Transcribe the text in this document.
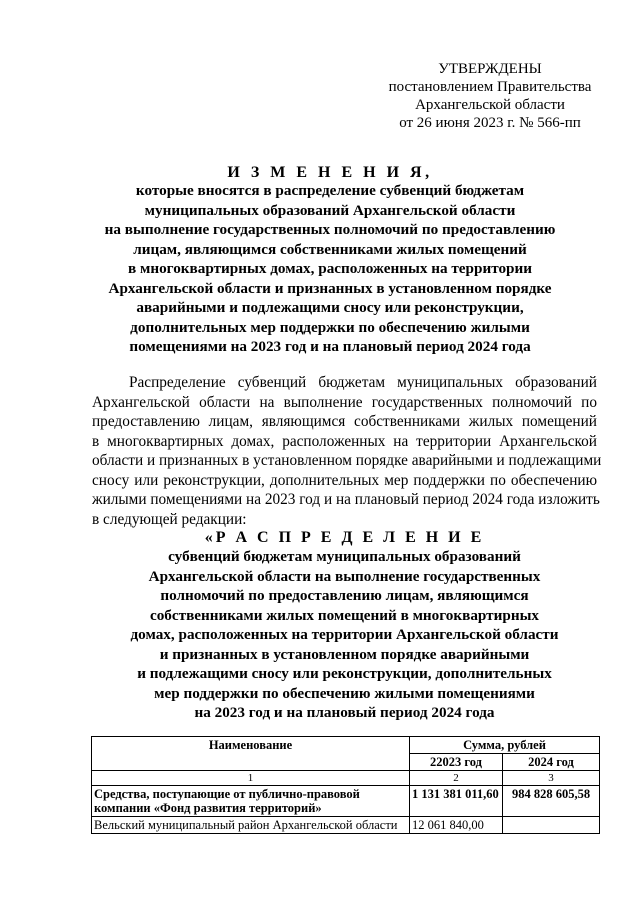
УТВЕРЖДЕНЫ
постановлением Правительства
Архангельской области
от 26 июня 2023 г. № 566-пп
И З М Е Н Е Н И Я,
которые вносятся в распределение субвенций бюджетам
муниципальных образований Архангельской области
на выполнение государственных полномочий по предоставлению
лицам, являющимся собственниками жилых помещений
в многоквартирных домах, расположенных на территории
Архангельской области и признанных в установленном порядке
аварийными и подлежащими сносу или реконструкции,
дополнительных мер поддержки по обеспечению жилыми
помещениями на 2023 год и на плановый период 2024 года
Распределение субвенций бюджетам муниципальных образований
Архангельской области на выполнение государственных полномочий по
предоставлению лицам, являющимся собственниками жилых помещений
в многоквартирных домах, расположенных на территории Архангельской
области и признанных в установленном порядке аварийными и подлежащими
сносу или реконструкции, дополнительных мер поддержки по обеспечению
жилыми помещениями на 2023 год и на плановый период 2024 года изложить
в следующей редакции:
«Р А С П Р Е Д Е Л Е Н И Е
субвенций бюджетам муниципальных образований
Архангельской области на выполнение государственных
полномочий по предоставлению лицам, являющимся
собственниками жилых помещений в многоквартирных
домах, расположенных на территории Архангельской области
и признанных в установленном порядке аварийными
и подлежащими сносу или реконструкции, дополнительных
мер поддержки по обеспечению жилыми помещениями
на 2023 год и на плановый период 2024 года
Наименование	Сумма, рублей	
	22023 год	2024 год
1	2	3

Средства, поступающие от публично-правовой
компании «Фонд развития территорий»	1 131 381 011,60	984 828 605,58
Вельский муниципальный район Архангельской области	12 061 840,00	
